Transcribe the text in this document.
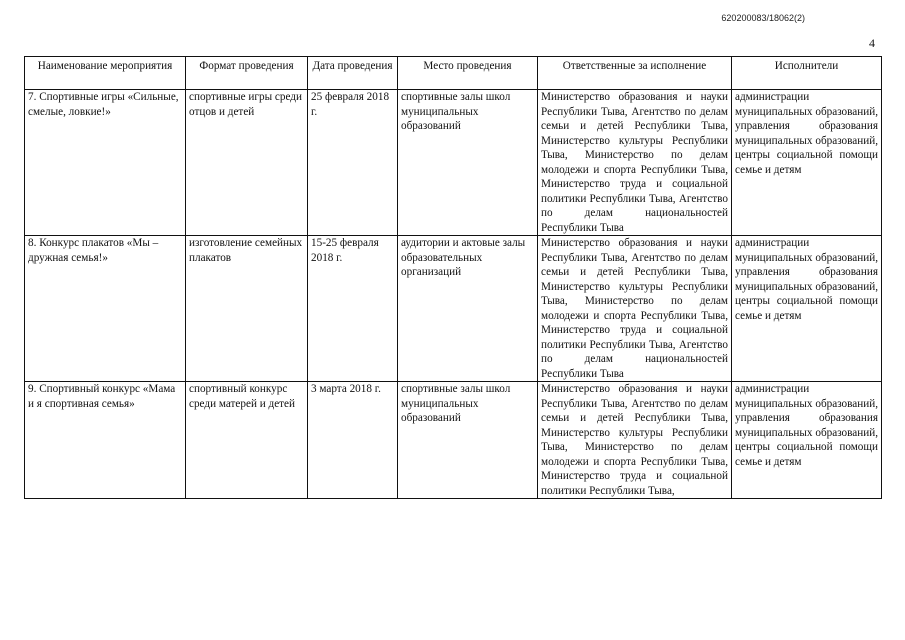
620200083/18062(2)
4
Наименование мероприятия	Формат проведения	Дата проведения	Место проведения	Ответственные за исполнение	Исполнители
7. Спортивные игры «Сильные, смелые, ловкие!»	спортивные игры среди отцов и детей	25 февраля 2018 г.	спортивные залы школ муниципальных образований	Министерство образования и науки Республики Тыва, Агентство по делам семьи и детей Республики Тыва, Министерство культуры Республики Тыва, Министерство по делам молодежи и спорта Республики Тыва, Министерство труда и социальной политики Республики Тыва, Агентство по делам национальностей Республики Тыва	администрации муниципальных образований, управления образования муниципальных образований, центры социальной помощи семье и детям
8. Конкурс плакатов «Мы –дружная семья!»	изготовление семейных плакатов	15-25 февраля 2018 г.	аудитории и актовые залы образовательных организаций	Министерство образования и науки Республики Тыва, Агентство по делам семьи и детей Республики Тыва, Министерство культуры Республики Тыва, Министерство по делам молодежи и спорта Республики Тыва, Министерство труда и социальной политики Республики Тыва, Агентство по делам национальностей Республики Тыва	администрации муниципальных образований, управления образования муниципальных образований, центры социальной помощи семье и детям
9. Спортивный конкурс «Мама и я спортивная семья»	спортивный конкурс среди матерей и детей	3 марта 2018 г.	спортивные залы школ муниципальных образований	Министерство образования и науки Республики Тыва, Агентство по делам семьи и детей Республики Тыва, Министерство культуры Республики Тыва, Министерство по делам молодежи и спорта Республики Тыва, Министерство труда и социальной политики Республики Тыва,	администрации муниципальных образований, управления образования муниципальных образований, центры социальной помощи семье и детям
